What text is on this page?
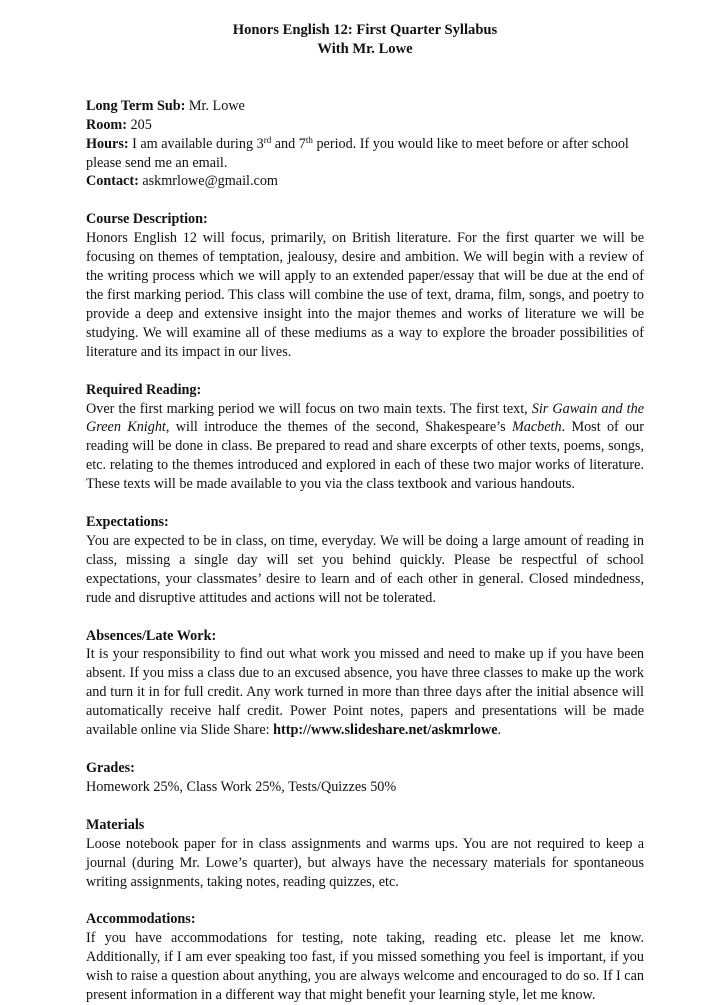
Honors English 12: First Quarter Syllabus

With Mr. Lowe

Long Term Sub: Mr. Lowe

Room: 205

Hours: I am available during 3rd and 7th period. If you would like to meet before or after school please send me an email.

Contact: askmrlowe@gmail.com

Course Description:

Honors English 12 will focus, primarily, on British literature. For the first quarter we will be focusing on themes of temptation, jealousy, desire and ambition. We will begin with a review of the writing process which we will apply to an extended paper/essay that will be due at the end of the first marking period. This class will combine the use of text, drama, film, songs, and poetry to provide a deep and extensive insight into the major themes and works of literature we will be studying. We will examine all of these mediums as a way to explore the broader possibilities of literature and its impact in our lives.

Required Reading:

Over the first marking period we will focus on two main texts. The first text, Sir Gawain and the Green Knight, will introduce the themes of the second, Shakespeare’s Macbeth. Most of our reading will be done in class. Be prepared to read and share excerpts of other texts, poems, songs, etc. relating to the themes introduced and explored in each of these two major works of literature. These texts will be made available to you via the class textbook and various handouts.

Expectations:

You are expected to be in class, on time, everyday. We will be doing a large amount of reading in class, missing a single day will set you behind quickly. Please be respectful of school expectations, your classmates’ desire to learn and of each other in general. Closed mindedness, rude and disruptive attitudes and actions will not be tolerated.

Absences/Late Work:

It is your responsibility to find out what work you missed and need to make up if you have been absent. If you miss a class due to an excused absence, you have three classes to make up the work and turn it in for full credit. Any work turned in more than three days after the initial absence will automatically receive half credit. Power Point notes, papers and presentations will be made available online via Slide Share: http://www.slideshare.net/askmrlowe.

Grades:

Homework 25%, Class Work 25%, Tests/Quizzes 50%

Materials

Loose notebook paper for in class assignments and warms ups. You are not required to keep a journal (during Mr. Lowe’s quarter), but always have the necessary materials for spontaneous writing assignments, taking notes, reading quizzes, etc.

Accommodations:

If you have accommodations for testing, note taking, reading etc. please let me know. Additionally, if I am ever speaking too fast, if you missed something you feel is important, if you wish to raise a question about anything, you are always welcome and encouraged to do so. If I can present information in a different way that might benefit your learning style, let me know.
